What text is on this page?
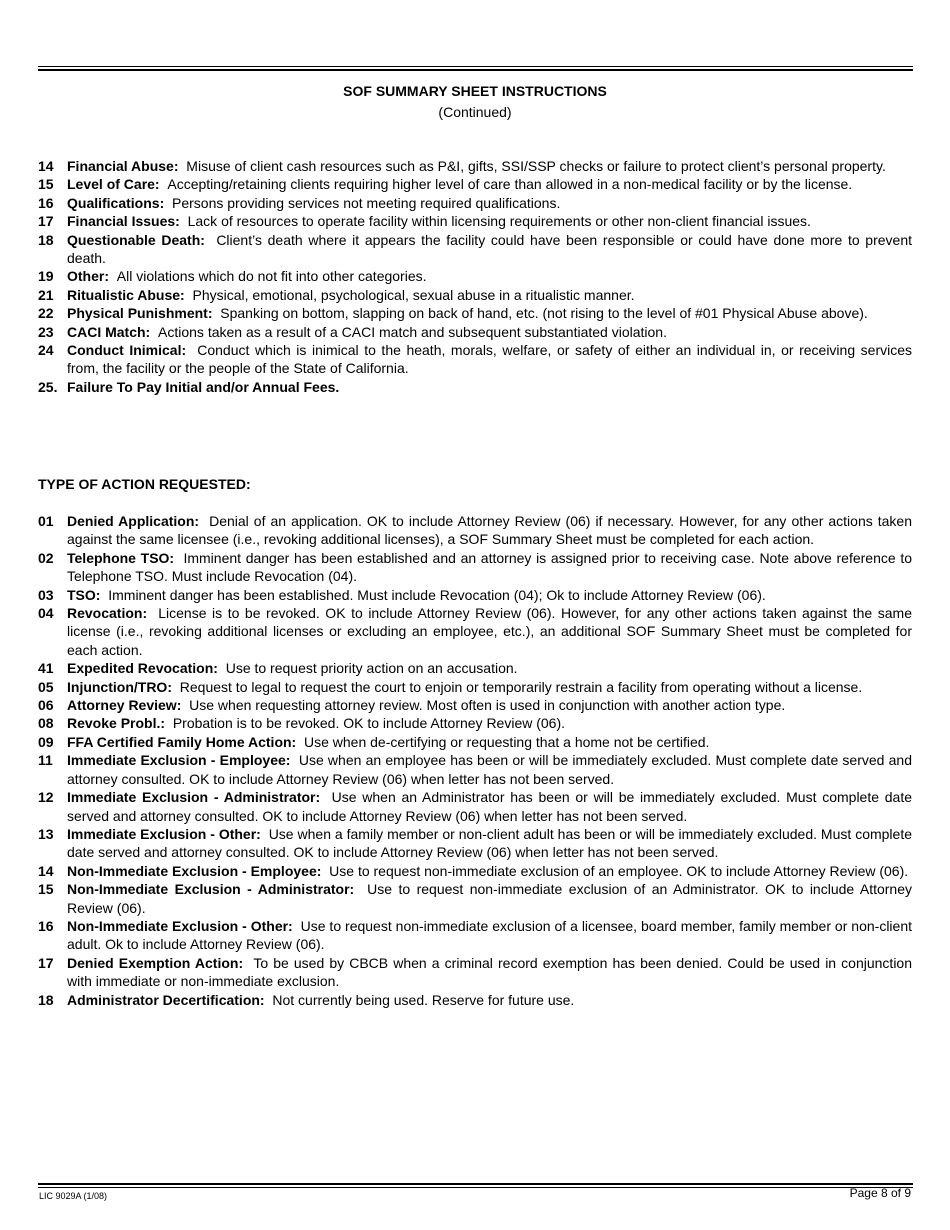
SOF SUMMARY SHEET INSTRUCTIONS
(Continued)
14 Financial Abuse: Misuse of client cash resources such as P&I, gifts, SSI/SSP checks or failure to protect client’s personal property.
15 Level of Care: Accepting/retaining clients requiring higher level of care than allowed in a non-medical facility or by the license.
16 Qualifications: Persons providing services not meeting required qualifications.
17 Financial Issues: Lack of resources to operate facility within licensing requirements or other non-client financial issues.
18 Questionable Death: Client’s death where it appears the facility could have been responsible or could have done more to prevent death.
19 Other: All violations which do not fit into other categories.
21 Ritualistic Abuse: Physical, emotional, psychological, sexual abuse in a ritualistic manner.
22 Physical Punishment: Spanking on bottom, slapping on back of hand, etc. (not rising to the level of #01 Physical Abuse above).
23 CACI Match: Actions taken as a result of a CACI match and subsequent substantiated violation.
24 Conduct Inimical: Conduct which is inimical to the heath, morals, welfare, or safety of either an individual in, or receiving services from, the facility or the people of the State of California.
25. Failure To Pay Initial and/or Annual Fees.
TYPE OF ACTION REQUESTED:
01 Denied Application: Denial of an application. OK to include Attorney Review (06) if necessary. However, for any other actions taken against the same licensee (i.e., revoking additional licenses), a SOF Summary Sheet must be completed for each action.
02 Telephone TSO: Imminent danger has been established and an attorney is assigned prior to receiving case. Note above reference to Telephone TSO. Must include Revocation (04).
03 TSO: Imminent danger has been established. Must include Revocation (04); Ok to include Attorney Review (06).
04 Revocation: License is to be revoked. OK to include Attorney Review (06). However, for any other actions taken against the same license (i.e., revoking additional licenses or excluding an employee, etc.), an additional SOF Summary Sheet must be completed for each action.
41 Expedited Revocation: Use to request priority action on an accusation.
05 Injunction/TRO: Request to legal to request the court to enjoin or temporarily restrain a facility from operating without a license.
06 Attorney Review: Use when requesting attorney review. Most often is used in conjunction with another action type.
08 Revoke Probl.: Probation is to be revoked. OK to include Attorney Review (06).
09 FFA Certified Family Home Action: Use when de-certifying or requesting that a home not be certified.
11 Immediate Exclusion - Employee: Use when an employee has been or will be immediately excluded. Must complete date served and attorney consulted. OK to include Attorney Review (06) when letter has not been served.
12 Immediate Exclusion - Administrator: Use when an Administrator has been or will be immediately excluded. Must complete date served and attorney consulted. OK to include Attorney Review (06) when letter has not been served.
13 Immediate Exclusion - Other: Use when a family member or non-client adult has been or will be immediately excluded. Must complete date served and attorney consulted. OK to include Attorney Review (06) when letter has not been served.
14 Non-Immediate Exclusion - Employee: Use to request non-immediate exclusion of an employee. OK to include Attorney Review (06).
15 Non-Immediate Exclusion - Administrator: Use to request non-immediate exclusion of an Administrator. OK to include Attorney Review (06).
16 Non-Immediate Exclusion - Other: Use to request non-immediate exclusion of a licensee, board member, family member or non-client adult. Ok to include Attorney Review (06).
17 Denied Exemption Action: To be used by CBCB when a criminal record exemption has been denied. Could be used in conjunction with immediate or non-immediate exclusion.
18 Administrator Decertification: Not currently being used. Reserve for future use.
LIC 9029A (1/08)	Page 8 of 9
